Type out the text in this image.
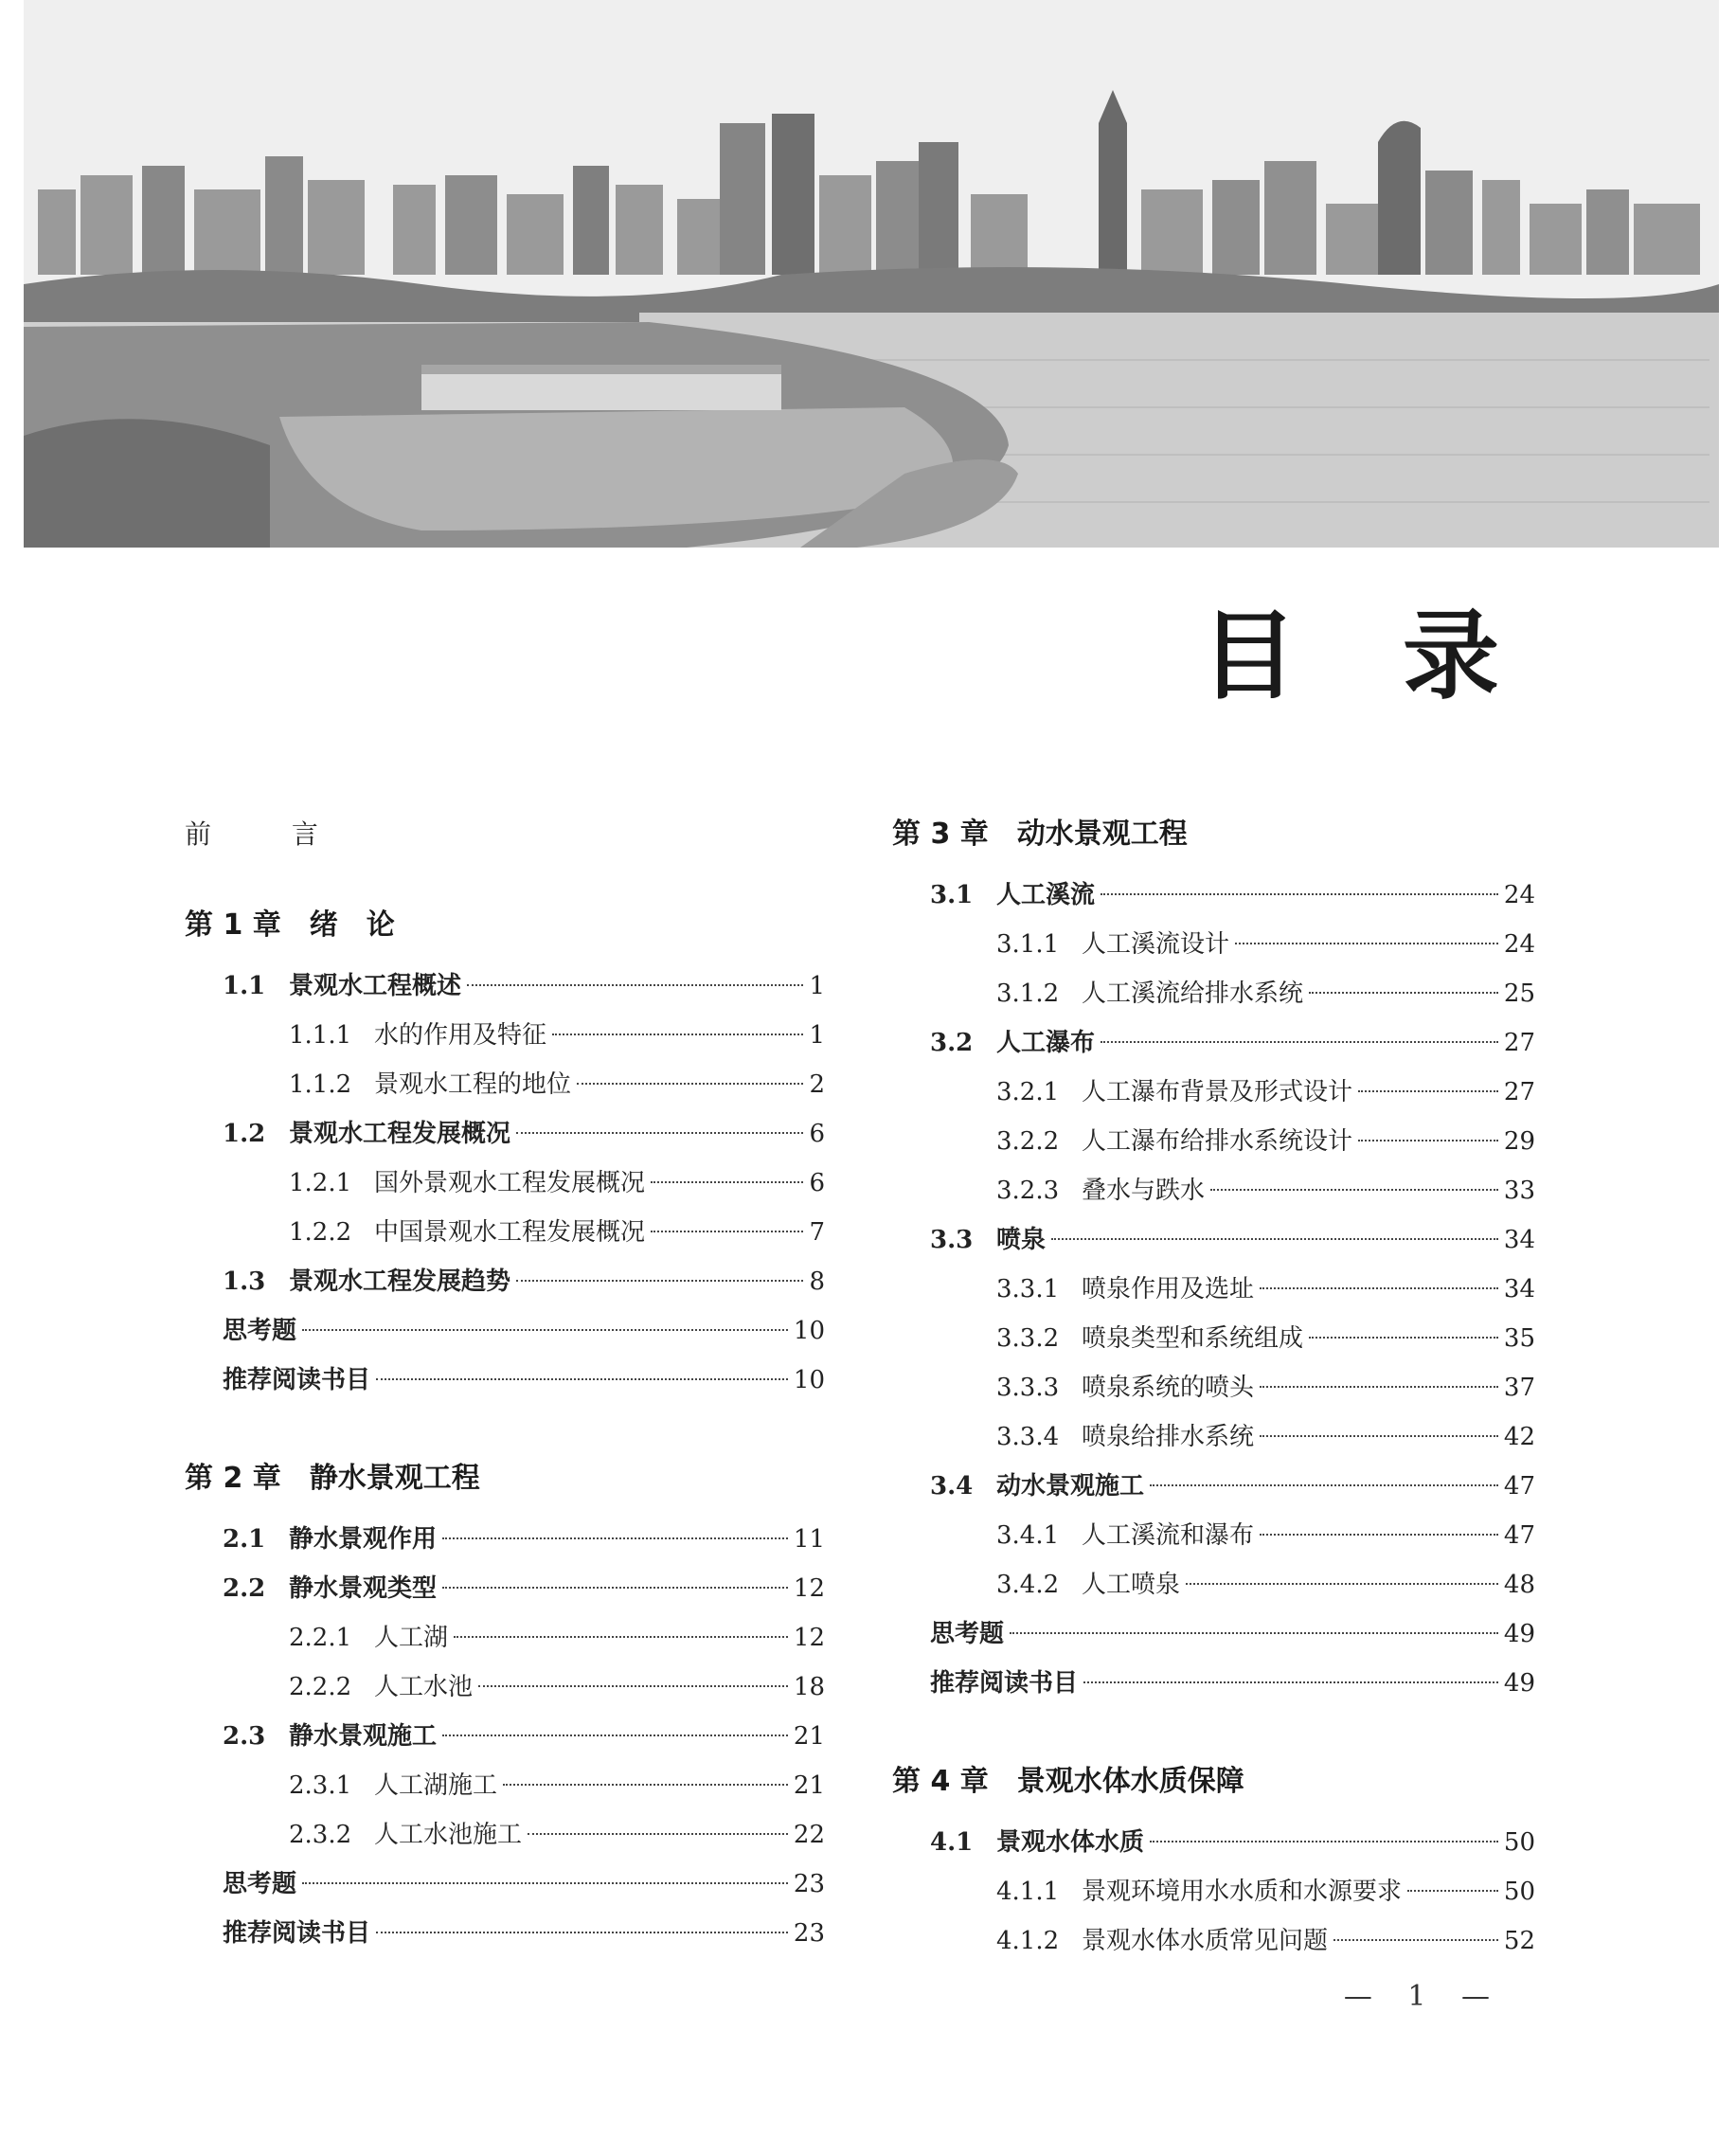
目 录
前 言
第 1 章 绪　论
1.1 景观水工程概述	1
1.1.1 水的作用及特征	1
1.1.2 景观水工程的地位	2
1.2 景观水工程发展概况	6
1.2.1 国外景观水工程发展概况	6
1.2.2 中国景观水工程发展概况	7
1.3 景观水工程发展趋势	8
思考题	10
推荐阅读书目	10
第 2 章 静水景观工程
2.1 静水景观作用	11
2.2 静水景观类型	12
2.2.1 人工湖	12
2.2.2 人工水池	18
2.3 静水景观施工	21
2.3.1 人工湖施工	21
2.3.2 人工水池施工	22
思考题	23
推荐阅读书目	23
第 3 章 动水景观工程
3.1 人工溪流	24
3.1.1 人工溪流设计	24
3.1.2 人工溪流给排水系统	25
3.2 人工瀑布	27
3.2.1 人工瀑布背景及形式设计	27
3.2.2 人工瀑布给排水系统设计	29
3.2.3 叠水与跌水	33
3.3 喷泉	34
3.3.1 喷泉作用及选址	34
3.3.2 喷泉类型和系统组成	35
3.3.3 喷泉系统的喷头	37
3.3.4 喷泉给排水系统	42
3.4 动水景观施工	47
3.4.1 人工溪流和瀑布	47
3.4.2 人工喷泉	48
思考题	49
推荐阅读书目	49
第 4 章 景观水体水质保障
4.1 景观水体水质	50
4.1.1 景观环境用水水质和水源要求	50
4.1.2 景观水体水质常见问题	52
— 1 —
